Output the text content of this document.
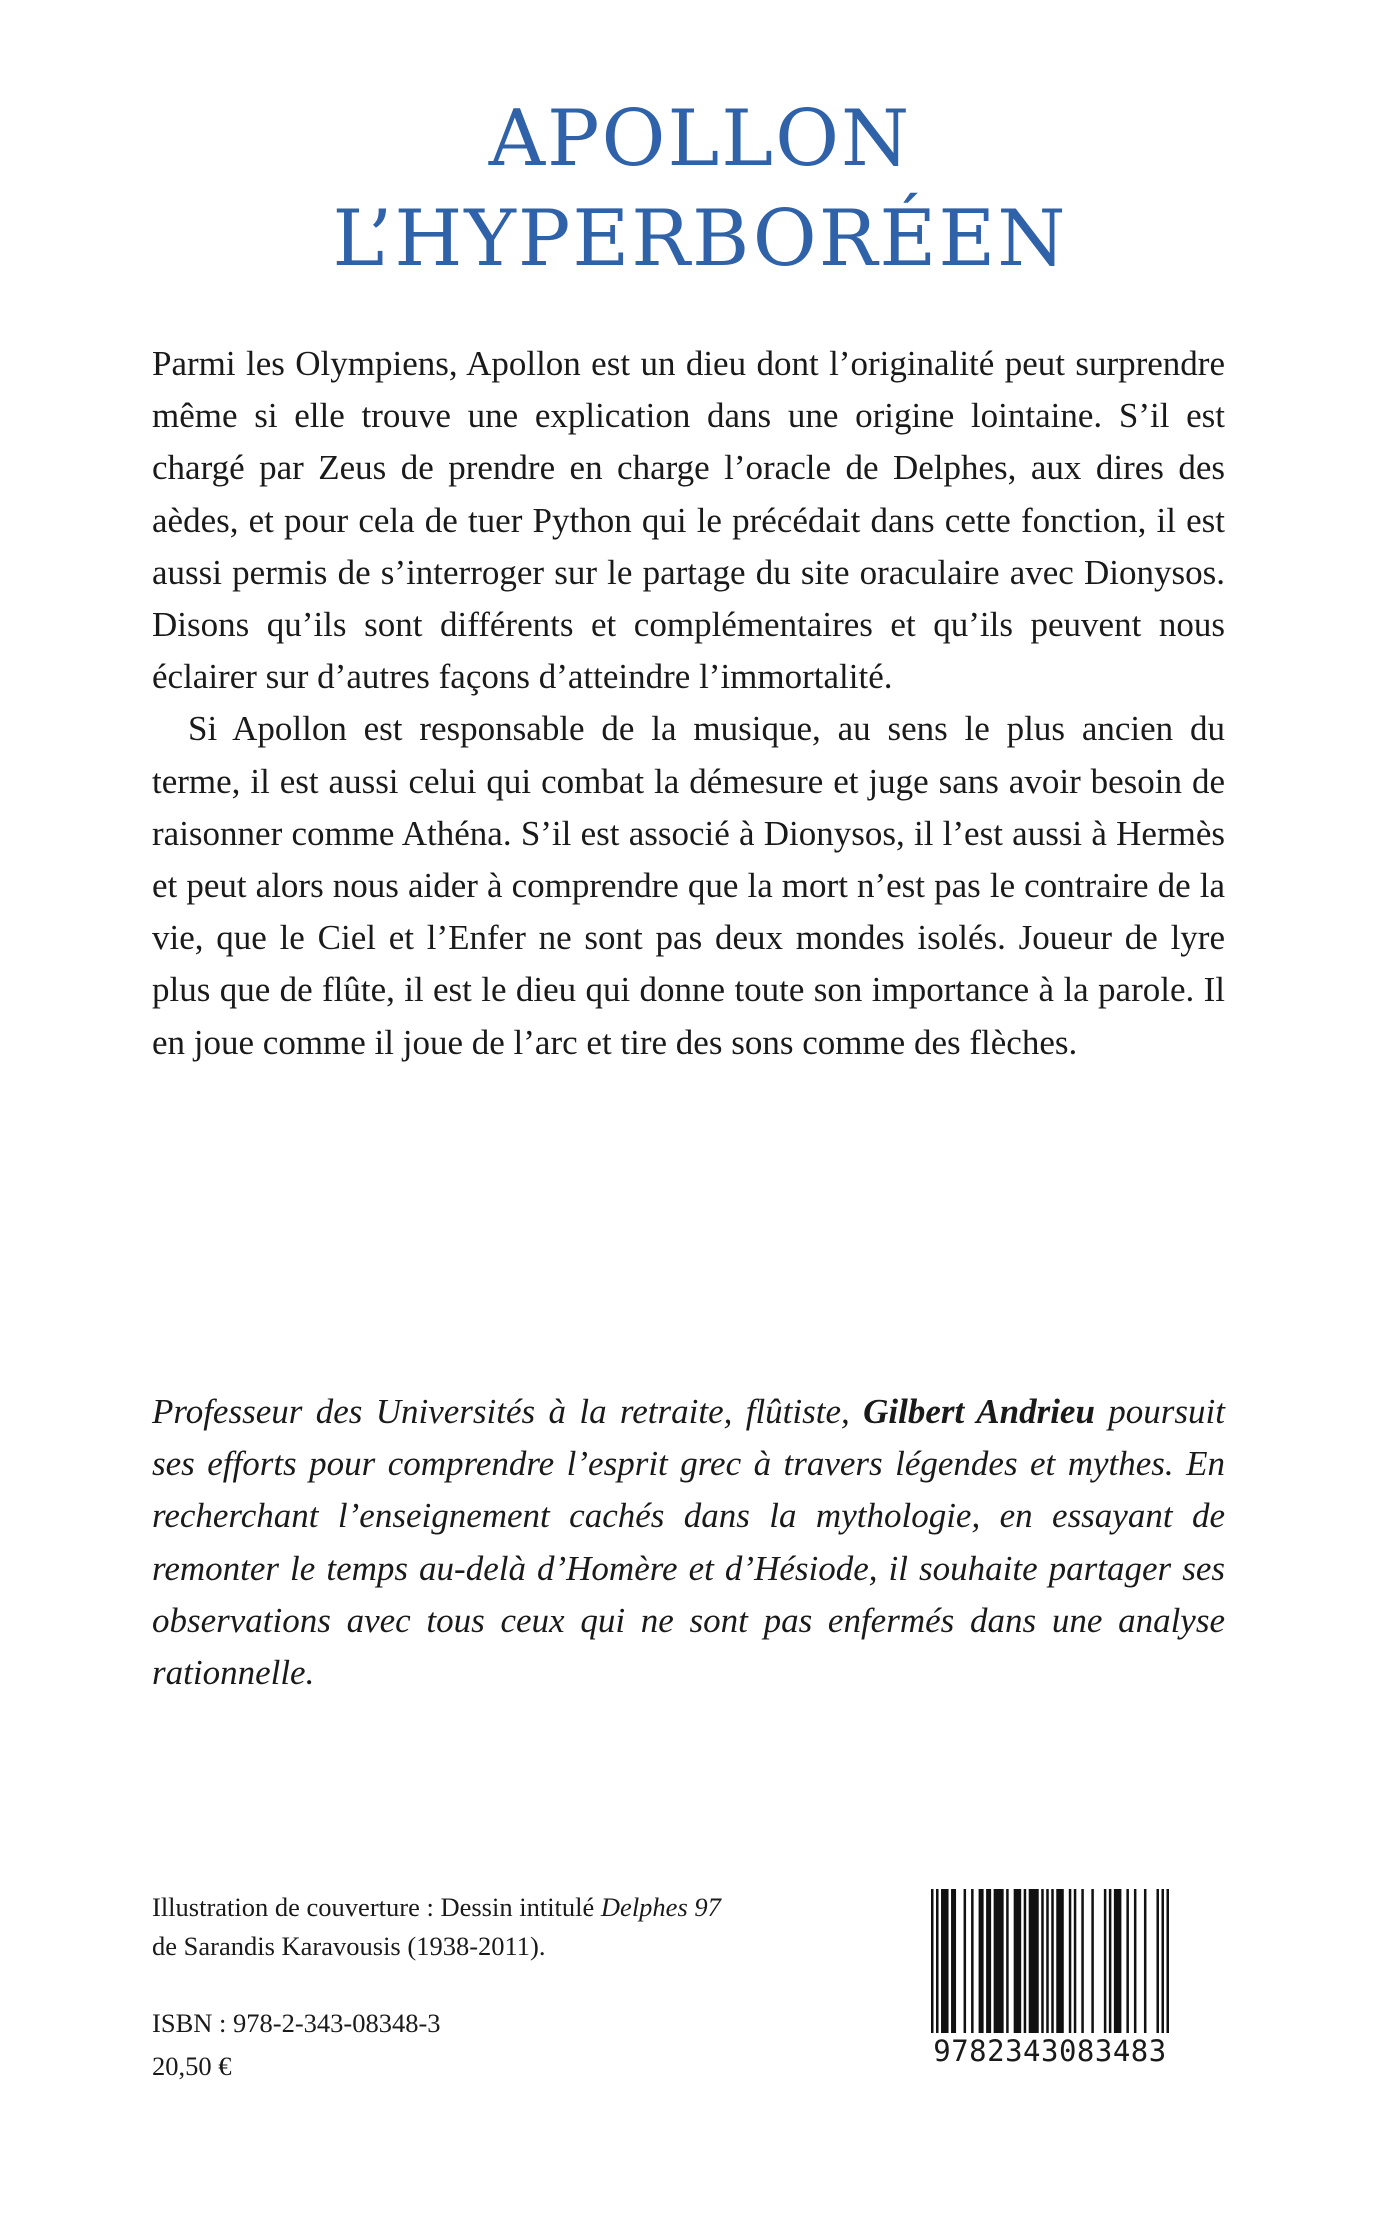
APOLLON
L’HYPERBORÉEN

Parmi les Olympiens, Apollon est un dieu dont l’originalité peut surprendre même si elle trouve une explication dans une origine lointaine. S’il est chargé par Zeus de prendre en charge l’oracle de Delphes, aux dires des aèdes, et pour cela de tuer Python qui le précédait dans cette fonction, il est aussi permis de s’interroger sur le partage du site oraculaire avec Dionysos. Disons qu’ils sont différents et complémentaires et qu’ils peuvent nous éclairer sur d’autres façons d’atteindre l’immortalité.

Si Apollon est responsable de la musique, au sens le plus ancien du terme, il est aussi celui qui combat la démesure et juge sans avoir besoin de raisonner comme Athéna. S’il est associé à Dionysos, il l’est aussi à Hermès et peut alors nous aider à comprendre que la mort n’est pas le contraire de la vie, que le Ciel et l’Enfer ne sont pas deux mondes isolés. Joueur de lyre plus que de flûte, il est le dieu qui donne toute son importance à la parole. Il en joue comme il joue de l’arc et tire des sons comme des flèches.

Professeur des Universités à la retraite, flûtiste, Gilbert Andrieu poursuit ses efforts pour comprendre l’esprit grec à travers légendes et mythes. En recherchant l’enseignement cachés dans la mythologie, en essayant de remonter le temps au-delà d’Homère et d’Hésiode, il souhaite partager ses observations avec tous ceux qui ne sont pas enfermés dans une analyse rationnelle.

Illustration de couverture : Dessin intitulé Delphes 97
de Sarandis Karavousis (1938-2011).
ISBN : 978-2-343-08348-3
20,50 €	9782343083483
